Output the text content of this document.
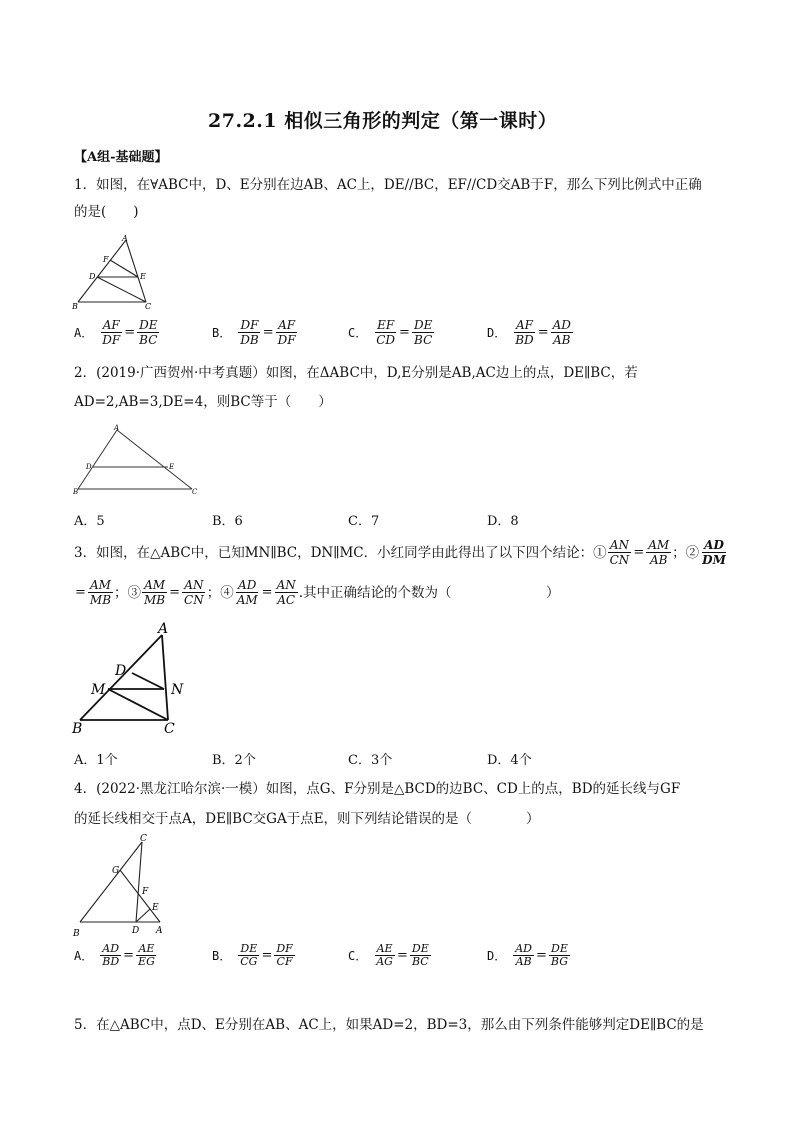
27.2.1 相似三角形的判定（第一课时）
【A组-基础题】
1．如图，在∀ABC中，D、E分别在边AB、AC上，DE//BC，EF//CD交AB于F，那么下列比例式中正确
的是(　　)
A
F
D	E
B	C
A． $\frac{AF}{DF} = \frac{DE}{BC}$	B． $\frac{DF}{DB} = \frac{AF}{DF}$	C． $\frac{EF}{CD} = \frac{DE}{BC}$	D． $\frac{AF}{BD} = \frac{AD}{AB}$
2．(2019·广西贺州·中考真题）如图，在ΔABC中，D,E分别是AB,AC边上的点，DE∥BC，若
AD=2,AB=3,DE=4，则BC等于（　　）
A
D	E
B	C
A．5	B．6	C．7	D．8
3．如图，在△ABC中，已知MN∥BC，DN∥MC．小红同学由此得出了以下四个结论：① $\frac{AN}{CN} = \frac{AM}{AB}$ ；② $\frac{AD}{DM}$
= $\frac{AM}{MB}$ ；③ $\frac{AM}{MB} = \frac{AN}{CN}$ ；④ $\frac{AD}{AM} = \frac{AN}{AC}$ .其中正确结论的个数为（　　　　　　　）
A
D
M	N
B	C
A．1个	B．2个	C．3个	D．4个
4．(2022·黑龙江哈尔滨·一模）如图，点G、F分别是△BCD的边BC、CD上的点，BD的延长线与GF
的延长线相交于点A，DE∥BC交GA于点E，则下列结论错误的是（　　　　）
C
G
F
E
B	D A
A． $\frac{AD}{BD} = \frac{AE}{EG}$	B． $\frac{DE}{CG} = \frac{DF}{CF}$	C． $\frac{AE}{AG} = \frac{DE}{BC}$	D． $\frac{AD}{AB} = \frac{DE}{BG}$
5．在△ABC中，点D、E分别在AB、AC上，如果AD=2，BD=3，那么由下列条件能够判定DE∥BC的是
